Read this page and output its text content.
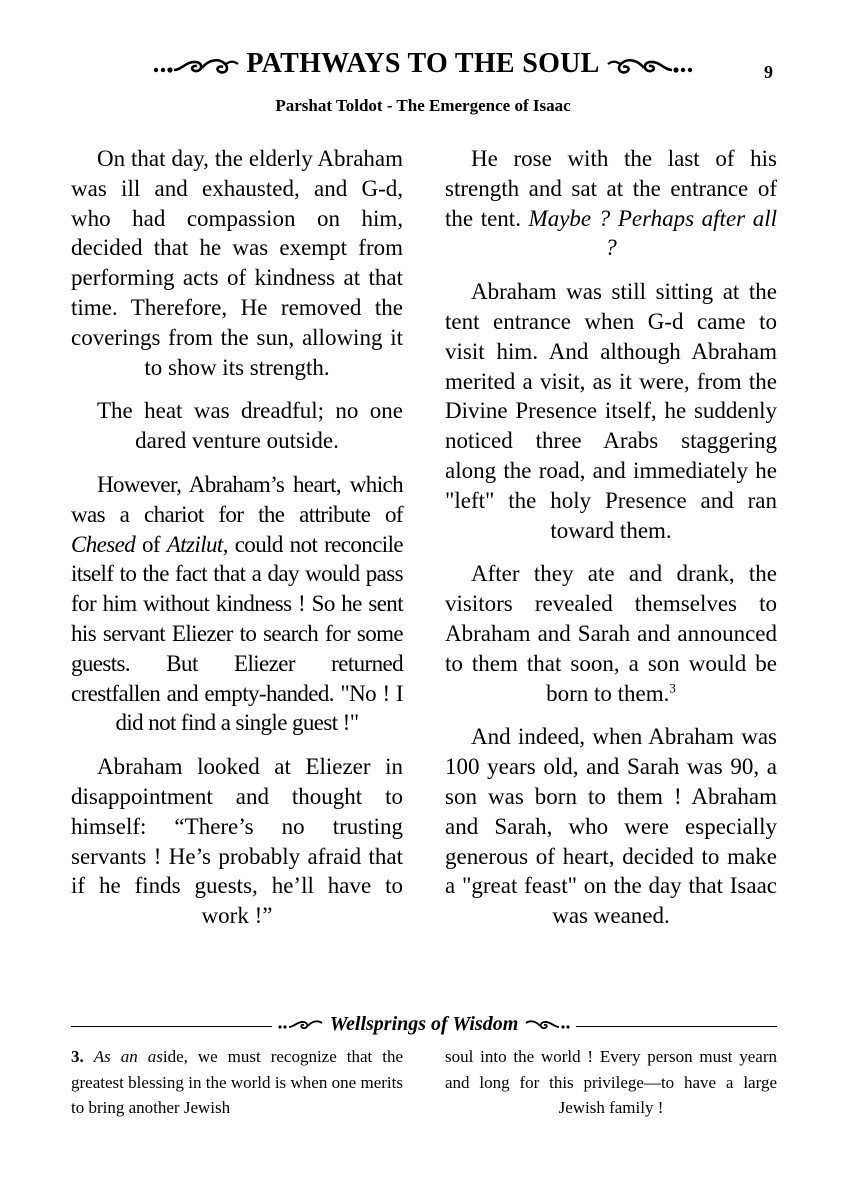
PATHWAYS TO THE SOUL	9
Parshat Toldot - The Emergence of Isaac

On that day, the elderly Abraham was ill and exhausted, and G-d, who had compassion on him, decided that he was exempt from performing acts of kindness at that time. Therefore, He removed the coverings from the sun, allowing it to show its strength.

The heat was dreadful; no one dared venture outside.

However, Abraham’s heart, which was a chariot for the attribute of Chesed of Atzilut, could not reconcile itself to the fact that a day would pass for him without kindness ! So he sent his servant Eliezer to search for some guests. But Eliezer returned crestfallen and empty-handed. "No ! I did not find a single guest !"

Abraham looked at Eliezer in disappointment and thought to himself: “There’s no trusting servants ! He’s probably afraid that if he finds guests, he’ll have to work !”

He rose with the last of his strength and sat at the entrance of the tent. Maybe ? Perhaps after all ?

Abraham was still sitting at the tent entrance when G-d came to visit him. And although Abraham merited a visit, as it were, from the Divine Presence itself, he suddenly noticed three Arabs staggering along the road, and immediately he "left" the holy Presence and ran toward them.

After they ate and drank, the visitors revealed themselves to Abraham and Sarah and announced to them that soon, a son would be born to them.$^3$

And indeed, when Abraham was 100 years old, and Sarah was 90, a son was born to them ! Abraham and Sarah, who were especially generous of heart, decided to make a "great feast" on the day that Isaac was weaned.

Wellsprings of Wisdom
3. As an aside, we must recognize that the greatest blessing in the world is when one merits to bring another Jewish
soul into the world ! Every person must yearn and long for this privilege—to have a large Jewish family !
